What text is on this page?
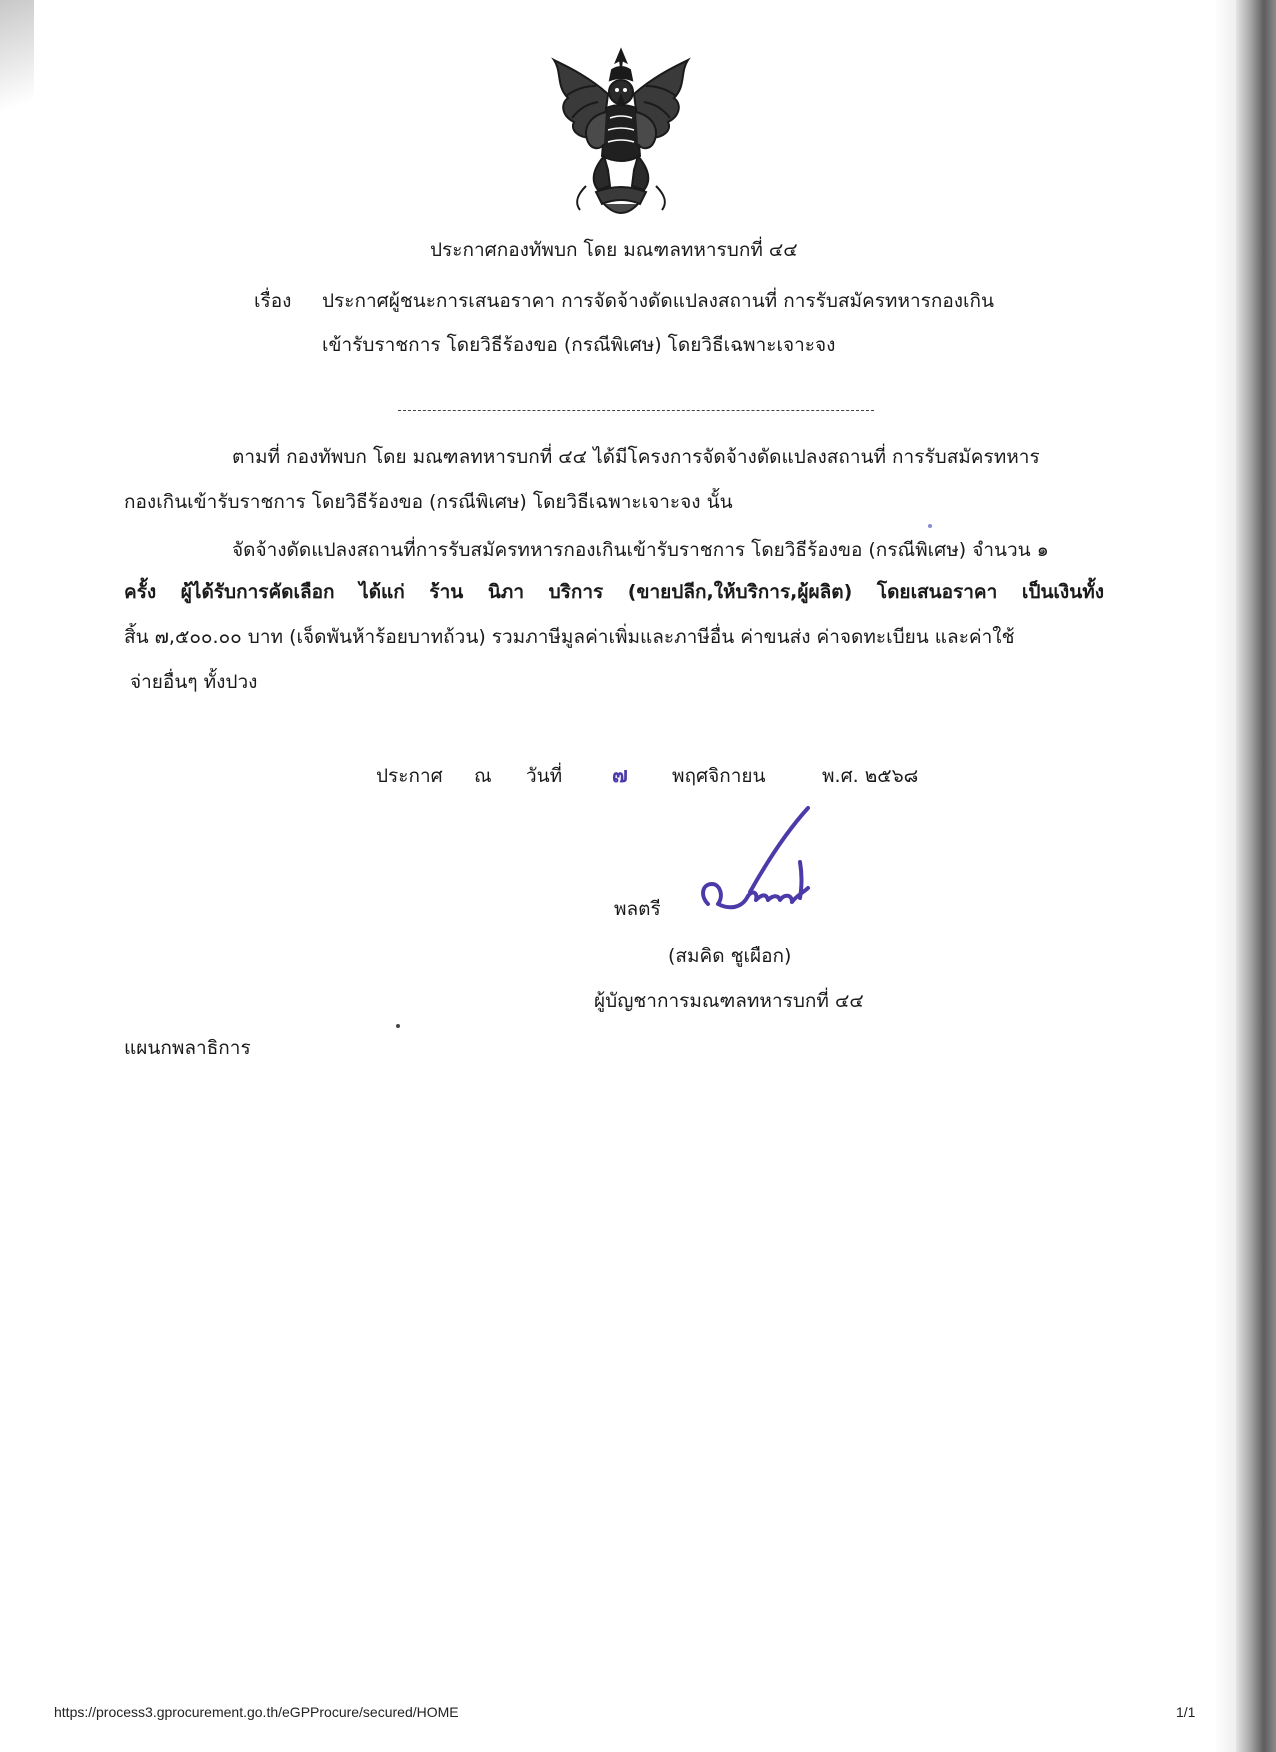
ประกาศกองทัพบก โดย มณฑลทหารบกที่ ๔๔
เรื่อง ประกาศผู้ชนะการเสนอราคา การจัดจ้างดัดแปลงสถานที่ การรับสมัครทหารกองเกิน
เข้ารับราชการ โดยวิธีร้องขอ (กรณีพิเศษ) โดยวิธีเฉพาะเจาะจง
ตามที่ กองทัพบก โดย มณฑลทหารบกที่ ๔๔ ได้มีโครงการจัดจ้างดัดแปลงสถานที่ การรับสมัครทหาร
กองเกินเข้ารับราชการ โดยวิธีร้องขอ (กรณีพิเศษ) โดยวิธีเฉพาะเจาะจง นั้น
จัดจ้างดัดแปลงสถานที่การรับสมัครทหารกองเกินเข้ารับราชการ โดยวิธีร้องขอ (กรณีพิเศษ) จำนวน ๑
ครั้ง ผู้ได้รับการคัดเลือก ได้แก่ ร้าน นิภา บริการ (ขายปลีก,ให้บริการ,ผู้ผลิต) โดยเสนอราคา เป็นเงินทั้ง
สิ้น ๗,๕๐๐.๐๐ บาท (เจ็ดพันห้าร้อยบาทถ้วน) รวมภาษีมูลค่าเพิ่มและภาษีอื่น ค่าขนส่ง ค่าจดทะเบียน และค่าใช้
จ่ายอื่นๆ ทั้งปวง
ประกาศ ณ วันที่ ๗ พฤศจิกายน	พ.ศ. ๒๕๖๘
พลตรี
(สมคิด ชูเผือก)
ผู้บัญชาการมณฑลทหารบกที่ ๔๔
แผนกพลาธิการ
https://process3.gprocurement.go.th/eGPProcure/secured/HOME	1/1
